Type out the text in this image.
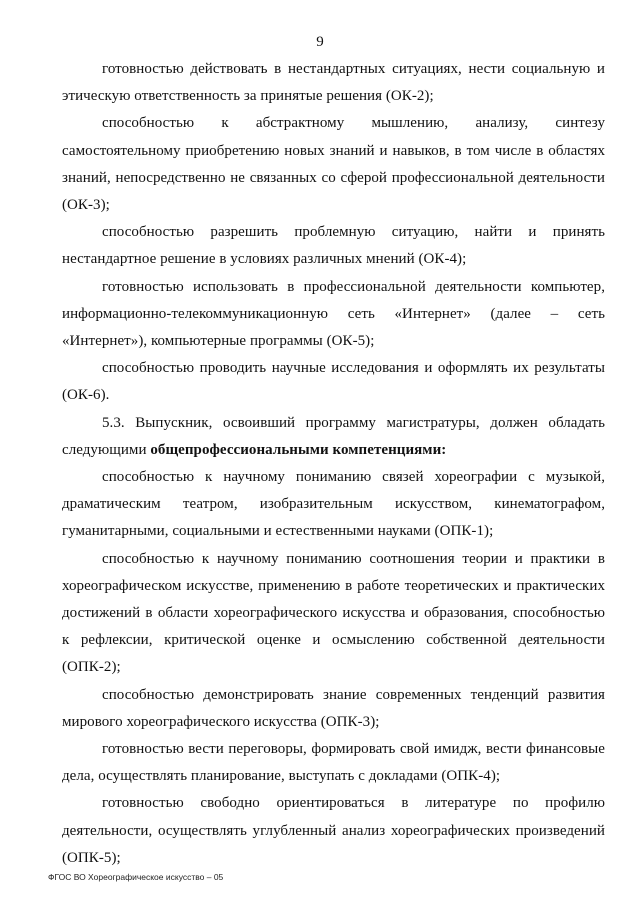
9

готовностью действовать в нестандартных ситуациях, нести социальную и этическую ответственность за принятые решения (ОК-2);

способностью к абстрактному мышлению, анализу, синтезу самостоятельному приобретению новых знаний и навыков, в том числе в областях знаний, непосредственно не связанных со сферой профессиональной деятельности (ОК-3);

способностью разрешить проблемную ситуацию, найти и принять нестандартное решение в условиях различных мнений (ОК-4);

готовностью использовать в профессиональной деятельности компьютер, информационно-телекоммуникационную сеть «Интернет» (далее – сеть «Интернет»), компьютерные программы (ОК-5);

способностью проводить научные исследования и оформлять их результаты (ОК-6).

5.3. Выпускник, освоивший программу магистратуры, должен обладать следующими общепрофессиональными компетенциями:

способностью к научному пониманию связей хореографии с музыкой, драматическим театром, изобразительным искусством, кинематографом, гуманитарными, социальными и естественными науками (ОПК-1);

способностью к научному пониманию соотношения теории и практики в хореографическом искусстве, применению в работе теоретических и практических достижений в области хореографического искусства и образования, способностью к рефлексии, критической оценке и осмыслению собственной деятельности (ОПК-2);

способностью демонстрировать знание современных тенденций развития мирового хореографического искусства (ОПК-3);

готовностью вести переговоры, формировать свой имидж, вести финансовые дела, осуществлять планирование, выступать с докладами (ОПК-4);

готовностью свободно ориентироваться в литературе по профилю деятельности, осуществлять углубленный анализ хореографических произведений (ОПК-5);

ФГОС ВО Хореографическое искусство – 05
